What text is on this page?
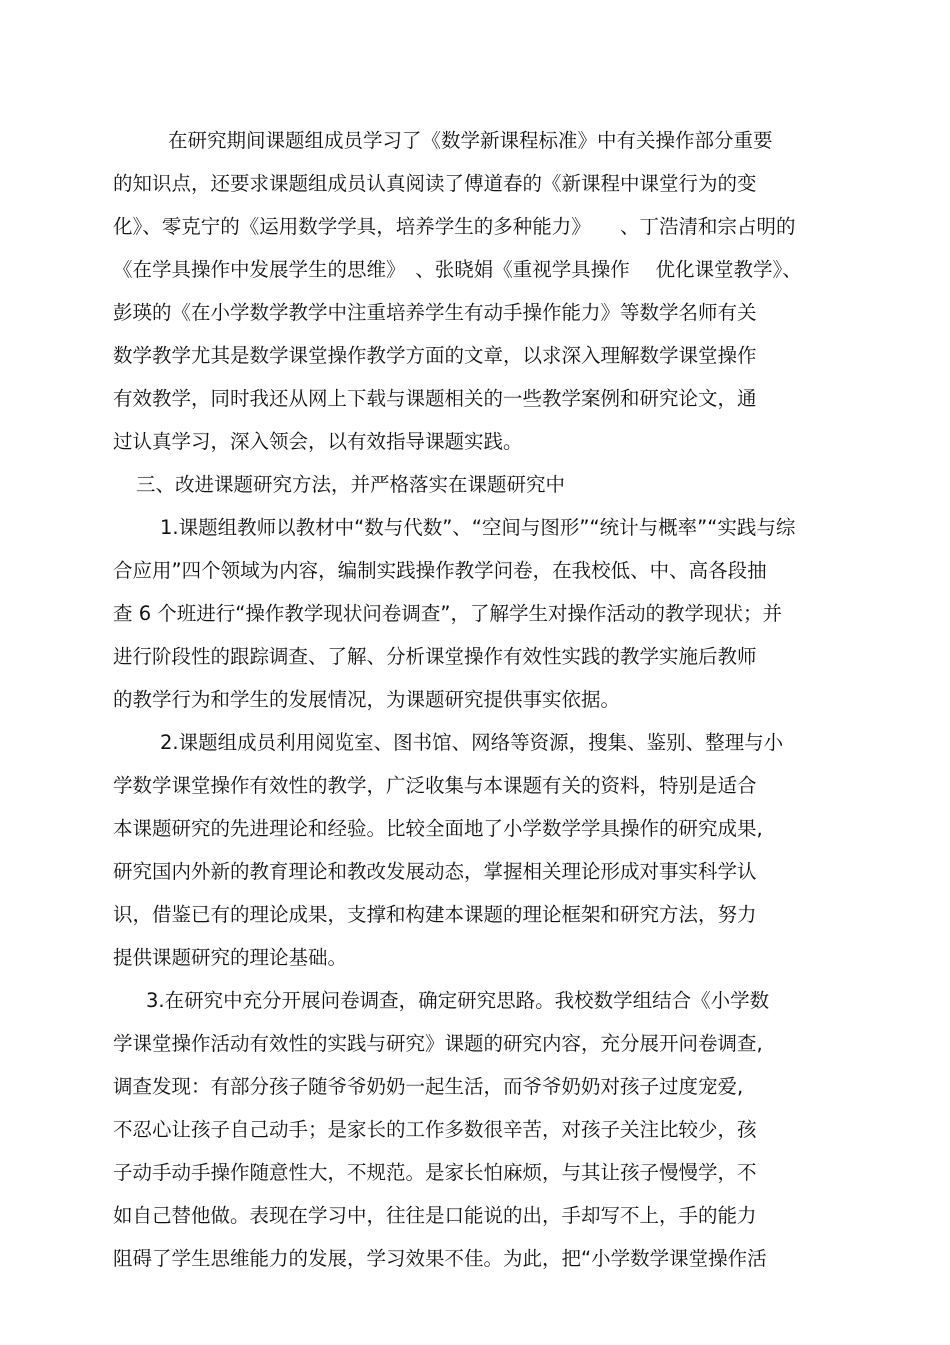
在研究期间课题组成员学习了《数学新课程标准》中有关操作部分重要
的知识点，还要求课题组成员认真阅读了傅道春的《新课程中课堂行为的变
化》、零克宁的《运用数学学具，培养学生的多种能力》　　、丁浩清和宗占明的
《在学具操作中发展学生的思维》　、张晓娟《重视学具操作　 优化课堂教学》、
彭瑛的《在小学数学教学中注重培养学生有动手操作能力》等数学名师有关
数学教学尤其是数学课堂操作教学方面的文章，以求深入理解数学课堂操作
有效教学，同时我还从网上下载与课题相关的一些教学案例和研究论文，通
过认真学习，深入领会，以有效指导课题实践。
三、改进课题研究方法，并严格落实在课题研究中
1.课题组教师以教材中“数与代数”、“空间与图形”“统计与概率”“实践与综
合应用”四个领域为内容，编制实践操作教学问卷，在我校低、中、高各段抽
查 6 个班进行“操作教学现状问卷调查”，了解学生对操作活动的教学现状；并
进行阶段性的跟踪调查、了解、分析课堂操作有效性实践的教学实施后教师
的教学行为和学生的发展情况，为课题研究提供事实依据。
2.课题组成员利用阅览室、图书馆、网络等资源，搜集、鉴别、整理与小
学数学课堂操作有效性的教学，广泛收集与本课题有关的资料，特别是适合
本课题研究的先进理论和经验。比较全面地了小学数学学具操作的研究成果,
研究国内外新的教育理论和教改发展动态，掌握相关理论形成对事实科学认
识，借鉴已有的理论成果，支撑和构建本课题的理论框架和研究方法，努力
提供课题研究的理论基础。
3.在研究中充分开展问卷调查，确定研究思路。我校数学组结合《小学数
学课堂操作活动有效性的实践与研究》课题的研究内容，充分展开问卷调查,
调查发现：有部分孩子随爷爷奶奶一起生活，而爷爷奶奶对孩子过度宠爱,
不忍心让孩子自己动手；是家长的工作多数很辛苦，对孩子关注比较少，孩
子动手动手操作随意性大，不规范。是家长怕麻烦，与其让孩子慢慢学，不
如自己替他做。表现在学习中，往往是口能说的出，手却写不上，手的能力
阻碍了学生思维能力的发展，学习效果不佳。为此，把“小学数学课堂操作活
